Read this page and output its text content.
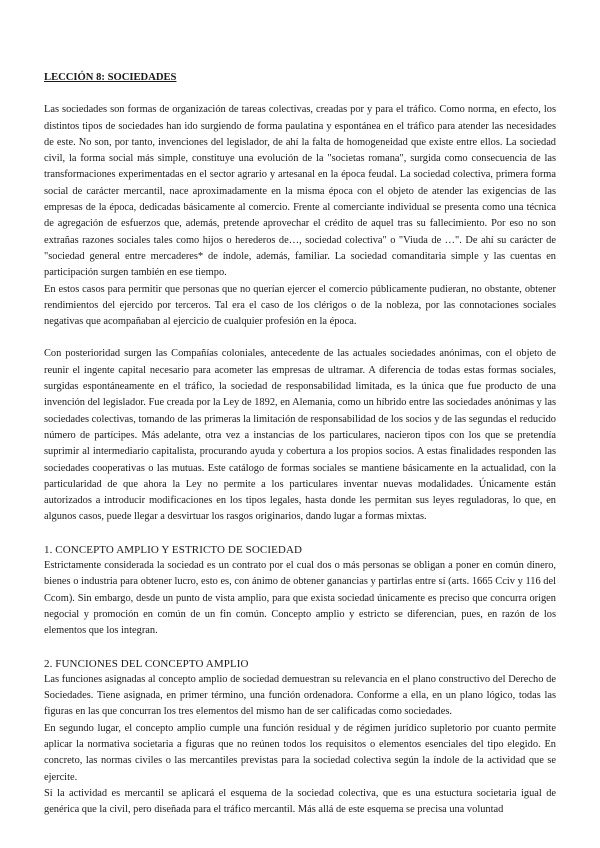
LECCIÓN 8: SOCIEDADES

Las sociedades son formas de organización de tareas colectivas, creadas por y para el tráfico. Como norma, en efecto, los distintos tipos de sociedades han ido surgiendo de forma paulatina y espontánea en el tráfico para atender las necesidades de este. No son, por tanto, invenciones del legislador, de ahí la falta de homogeneidad que existe entre ellos. La sociedad civil, la forma social más simple, constituye una evolución de la "societas romana", surgida como consecuencia de las transformaciones experimentadas en el sector agrario y artesanal en la época feudal. La sociedad colectiva, primera forma social de carácter mercantil, nace aproximadamente en la misma época con el objeto de atender las exigencias de las empresas de la época, dedicadas básicamente al comercio. Frente al comerciante individual se presenta como una técnica de agregación de esfuerzos que, además, pretende aprovechar el crédito de aquel tras su fallecimiento. Por eso no son extrañas razones sociales tales como hijos o herederos de…, sociedad colectiva" o "Viuda de …". De ahí su carácter de "sociedad general entre mercaderes* de índole, además, familiar. La sociedad comanditaria simple y las cuentas en participación surgen también en ese tiempo.

En estos casos para permitir que personas que no querían ejercer el comercio públicamente pudieran, no obstante, obtener rendimientos del ejercido por terceros. Tal era el caso de los clérigos o de la nobleza, por las connotaciones sociales negativas que acompañaban al ejercicio de cualquier profesión en la época.

Con posterioridad surgen las Compañías coloniales, antecedente de las actuales sociedades anónimas, con el objeto de reunir el ingente capital necesario para acometer las empresas de ultramar. A diferencia de todas estas formas sociales, surgidas espontáneamente en el tráfico, la sociedad de responsabilidad limitada, es la única que fue producto de una invención del legislador. Fue creada por la Ley de 1892, en Alemania, como un híbrido entre las sociedades anónimas y las sociedades colectivas, tomando de las primeras la limitación de responsabilidad de los socios y de las segundas el reducido número de partícipes. Más adelante, otra vez a instancias de los particulares, nacieron tipos con los que se pretendía suprimir al intermediario capitalista, procurando ayuda y cobertura a los propios socios. A estas finalidades responden las sociedades cooperativas o las mutuas. Este catálogo de formas sociales se mantiene básicamente en la actualidad, con la particularidad de que ahora la Ley no permite a los particulares inventar nuevas modalidades. Únicamente están autorizados a introducir modificaciones en los tipos legales, hasta donde les permitan sus leyes reguladoras, lo que, en algunos casos, puede llegar a desvirtuar los rasgos originarios, dando lugar a formas mixtas.

1. CONCEPTO AMPLIO Y ESTRICTO DE SOCIEDAD

Estrictamente considerada la sociedad es un contrato por el cual dos o más personas se obligan a poner en común dinero, bienes o industria para obtener lucro, esto es, con ánimo de obtener ganancias y partirlas entre sí (arts. 1665 Cciv y 116 del Ccom). Sin embargo, desde un punto de vista amplio, para que exista sociedad únicamente es preciso que concurra origen negocial y promoción en común de un fin común. Concepto amplio y estricto se diferencian, pues, en razón de los elementos que los integran.

2. FUNCIONES DEL CONCEPTO AMPLIO

Las funciones asignadas al concepto amplio de sociedad demuestran su relevancia en el plano constructivo del Derecho de Sociedades. Tiene asignada, en primer término, una función ordenadora. Conforme a ella, en un plano lógico, todas las figuras en las que concurran los tres elementos del mismo han de ser calificadas como sociedades.

En segundo lugar, el concepto amplio cumple una función residual y de régimen jurídico supletorio por cuanto permite aplicar la normativa societaria a figuras que no reúnen todos los requisitos o elementos esenciales del tipo elegido. En concreto, las normas civiles o las mercantiles previstas para la sociedad colectiva según la índole de la actividad que se ejercite.

Si la actividad es mercantil se aplicará el esquema de la sociedad colectiva, que es una estuctura societaria igual de genérica que la civil, pero diseñada para el tráfico mercantil. Más allá de este esquema se precisa una voluntad
